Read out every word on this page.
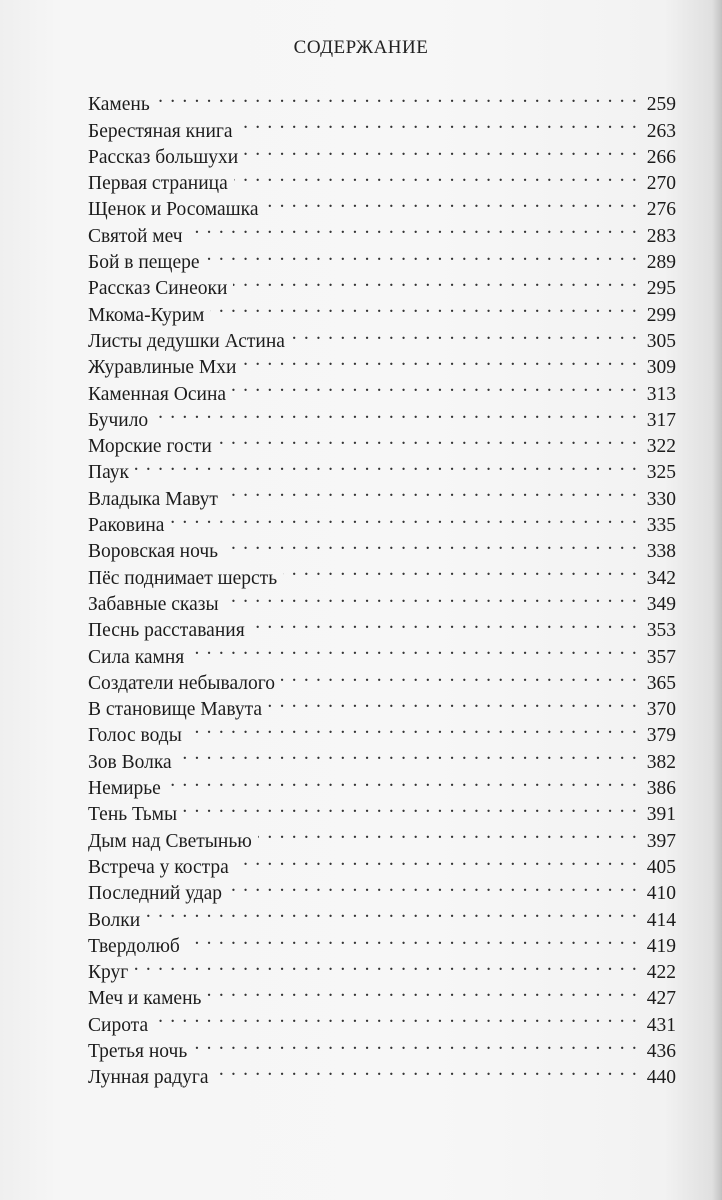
СОДЕРЖАНИЕ
Камень . . .	259
Берестяная книга . . .	263
Рассказ большухи . . .	266
Первая страница . . .	270
Щенок и Росомашка . . .	276
Святой меч . . .	283
Бой в пещере . . .	289
Рассказ Синеоки . . .	295
Мкома-Курим . . .	299
Листы дедушки Астина . . .	305
Журавлиные Мхи . . .	309
Каменная Осина . . .	313
Бучило . . .	317
Морские гости . . .	322
Паук . . .	325
Владыка Мавут . . .	330
Раковина . . .	335
Воровская ночь . . .	338
Пёс поднимает шерсть . . .	342
Забавные сказы . . .	349
Песнь расставания . . .	353
Сила камня . . .	357
Создатели небывалого . . .	365
В становище Мавута . . .	370
Голос воды . . .	379
Зов Волка . . .	382
Немирье . . .	386
Тень Тьмы . . .	391
Дым над Светынью . . .	397
Встреча у костра . . .	405
Последний удар . . .	410
Волки . . .	414
Твердолюб . . .	419
Круг . . .	422
Меч и камень . . .	427
Сирота . . .	431
Третья ночь . . .	436
Лунная радуга . . .	440
